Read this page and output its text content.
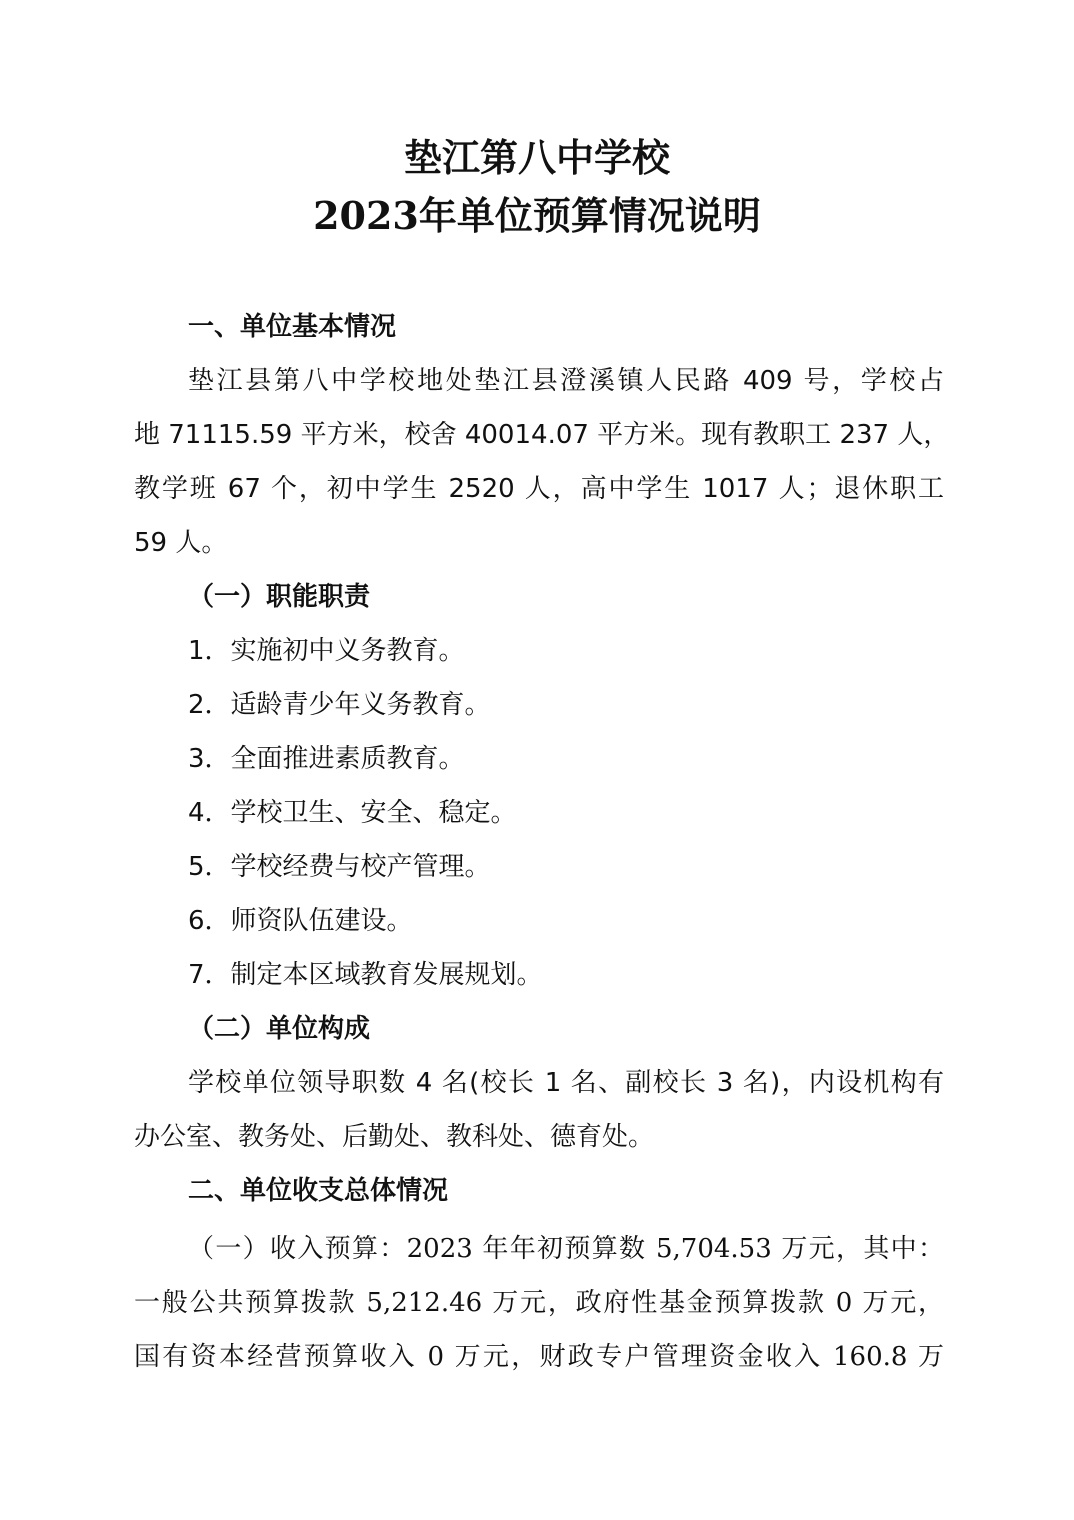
垫江第八中学校
2023年单位预算情况说明
一、单位基本情况
垫江县第八中学校地处垫江县澄溪镇人民路 409 号，学校占
地 71115.59 平方米，校舍 40014.07 平方米。现有教职工 237 人，
教学班 67 个，初中学生 2520 人，高中学生 1017 人；退休职工
59 人。
（一）职能职责
1．实施初中义务教育。
2．适龄青少年义务教育。
3．全面推进素质教育。
4．学校卫生、安全、稳定。
5．学校经费与校产管理。
6．师资队伍建设。
7．制定本区域教育发展规划。
（二）单位构成
学校单位领导职数 4 名(校长 1 名、副校长 3 名)，内设机构有
办公室、教务处、后勤处、教科处、德育处。
二、单位收支总体情况
（一）收入预算：2023 年年初预算数 5,704.53 万元，其中：
一般公共预算拨款 5,212.46 万元，政府性基金预算拨款 0 万元，
国有资本经营预算收入 0 万元，财政专户管理资金收入 160.8 万
